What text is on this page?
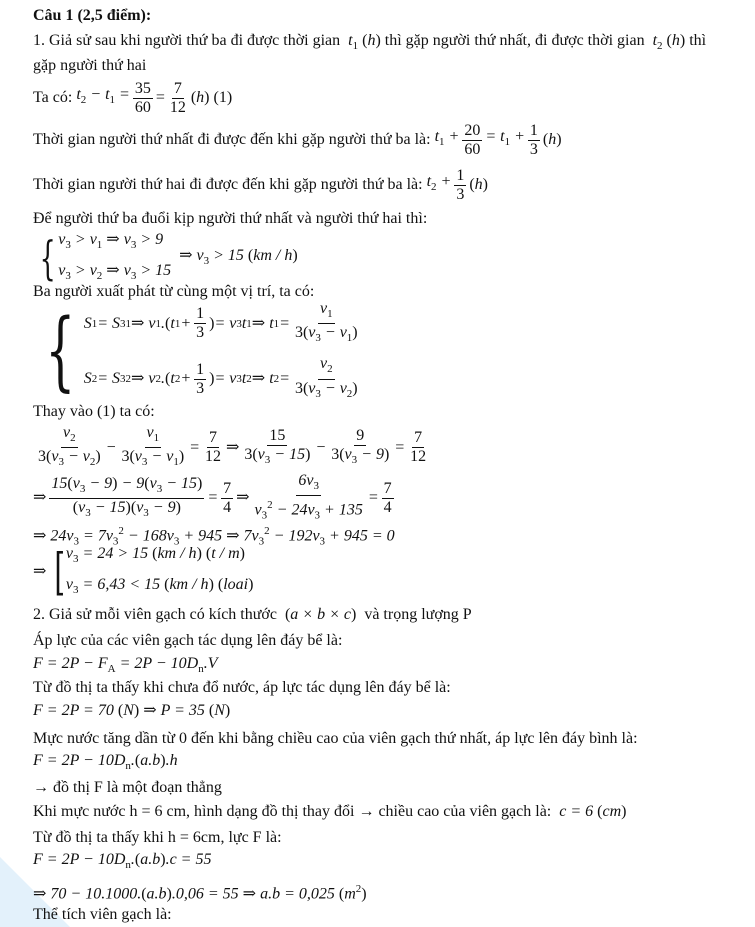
Câu 1 (2,5 điểm):
1. Giả sử sau khi người thứ ba đi được thời gian  $t_1$ (h) thì gặp người thứ nhất, đi được thời gian  $t_2$ (h) thì
gặp người thứ hai
Ta có:
$t_2 - t_1 = \frac{35}{60} = \frac{7}{12} (h)$
(1)
Thời gian người thứ nhất đi được đến khi gặp người thứ ba là:
$t_1 + \frac{20}{60} = t_1 + \frac{1}{3} (h)$
Thời gian người thứ hai đi được đến khi gặp người thứ ba là:
$t_2 + \frac{1}{3} (h)$
Để người thứ ba đuổi kịp người thứ nhất và người thứ hai thì:
{ $v_3 > v_1$ ⇒ $v_3 > 9$
$v_3 > v_2$ ⇒ $v_3 > 15$
⇒ $v_3 > 15$ (km / h)
Ba người xuất phát từ cùng một vị trí, ta có:
{ S 1 = S 31 ⇒ v 1 . ( t $1 + \frac{1}{3}$ ) = v 3 t 1 ⇒ t $1 = \frac{v_1}{3(v_3 - v_1)}$
S 2 = S 32 ⇒ v 2 . ( t $2 + \frac{1}{3}$ ) = v 3 t 2 ⇒ t $2 = \frac{v_2}{3(v_3 - v_2)}$
Thay vào (1) ta có:
$\frac{v_2}{3(v_3 - v_2)} - \frac{v_1}{3(v_3 - v_1)} = \frac{7}{12}$ ⇒ $\frac{15}{3(v_3 - 15)} - \frac{9}{3(v_3 - 9)} = \frac{7}{12}$
⇒ $\frac{15(v_3 - 9) - 9(v_3 - 15)}{(v_3 - 15)(v_3 - 9)} = \frac{7}{4}$ ⇒ $\frac{6v_3}{v_3^2 - 24v_3 + 135} = \frac{7}{4}$
⇒ $24v_3 = 7v_3^2 - 168v_3 + 945$ ⇒ $7v_3^2 - 192v_3 + 945 = 0$
⇒ [ $v_3 = 24 > 15$ (km / h) (t / m)
$v_3 = 6,43 < 15$ (km / h) (loai)
2. Giả sử mỗi viên gạch có kích thước (a × b × c) và trọng lượng P
Áp lực của các viên gạch tác dụng lên đáy bể là:
$F = 2P - F_A = 2P - 10D_n.V$
Từ đồ thị ta thấy khi chưa đổ nước, áp lực tác dụng lên đáy bể là:
F = 2P = 70 (N) ⇒ P = 35 (N)
Mực nước tăng dần từ 0 đến khi bằng chiều cao của viên gạch thứ nhất, áp lực lên đáy bình là:
$F = 2P - 10D_n.(a.b).h$
→ đồ thị F là một đoạn thẳng
Khi mực nước h = 6 cm, hình dạng đồ thị thay đổi → chiều cao của viên gạch là:  c = 6 (cm)
Từ đồ thị ta thấy khi h = 6cm, lực F là:
$F = 2P - 10D_n.(a.b).c = 55$
⇒ 70 − 10.1000.(a.b).0,06 = 55 ⇒ a.b = 0,025 $(m^2)$
Thể tích viên gạch là:
